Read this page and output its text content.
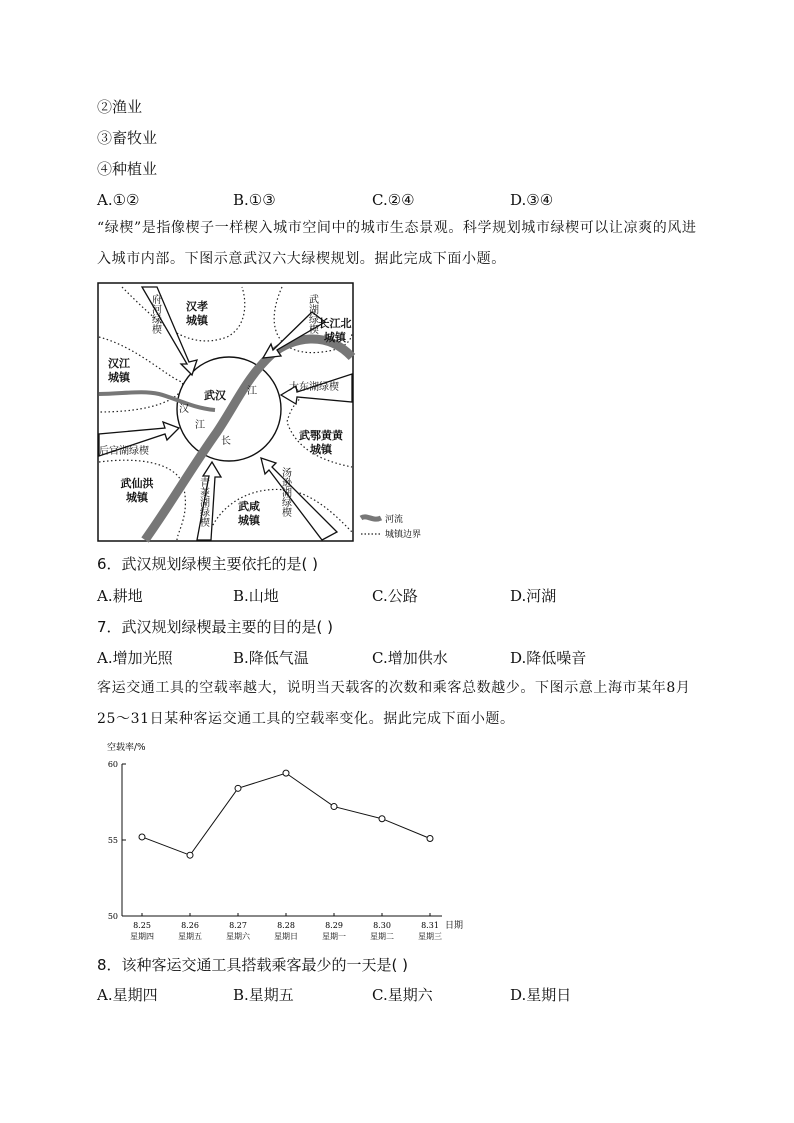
②渔业
③畜牧业
④种植业
A.①②	B.①③	C.②④	D.③④
“绿楔”是指像楔子一样楔入城市空间中的城市生态景观。科学规划城市绿楔可以让凉爽的风进入城市内部。下图示意武汉六大绿楔规划。据此完成下面小题。
汉孝
城镇	长江北
城镇
汉江
城镇
武汉
武鄂黄黄
城镇
武仙洪
城镇
武咸
城镇
府河绿楔	武湖绿楔
大东湖绿楔
后官湖绿楔
青菱湖绿楔	汤逊湖绿楔
汉
江
江
长
河流
城镇边界
6．武汉规划绿楔主要依托的是( )
A.耕地	B.山地	C.公路	D.河湖
7．武汉规划绿楔最主要的目的是( )
A.增加光照	B.降低气温	C.增加供水	D.降低噪音
客运交通工具的空载率越大，说明当天载客的次数和乘客总数越少。下图示意上海市某年8月25～31日某种客运交通工具的空载率变化。据此完成下面小题。
空载率/%
50
55
60
8.25
星期四
8.26
星期五
8.27
星期六
8.28
星期日
8.29
星期一
8.30
星期二
8.31
星期三
日期
8．该种客运交通工具搭载乘客最少的一天是( )
A.星期四	B.星期五	C.星期六	D.星期日
